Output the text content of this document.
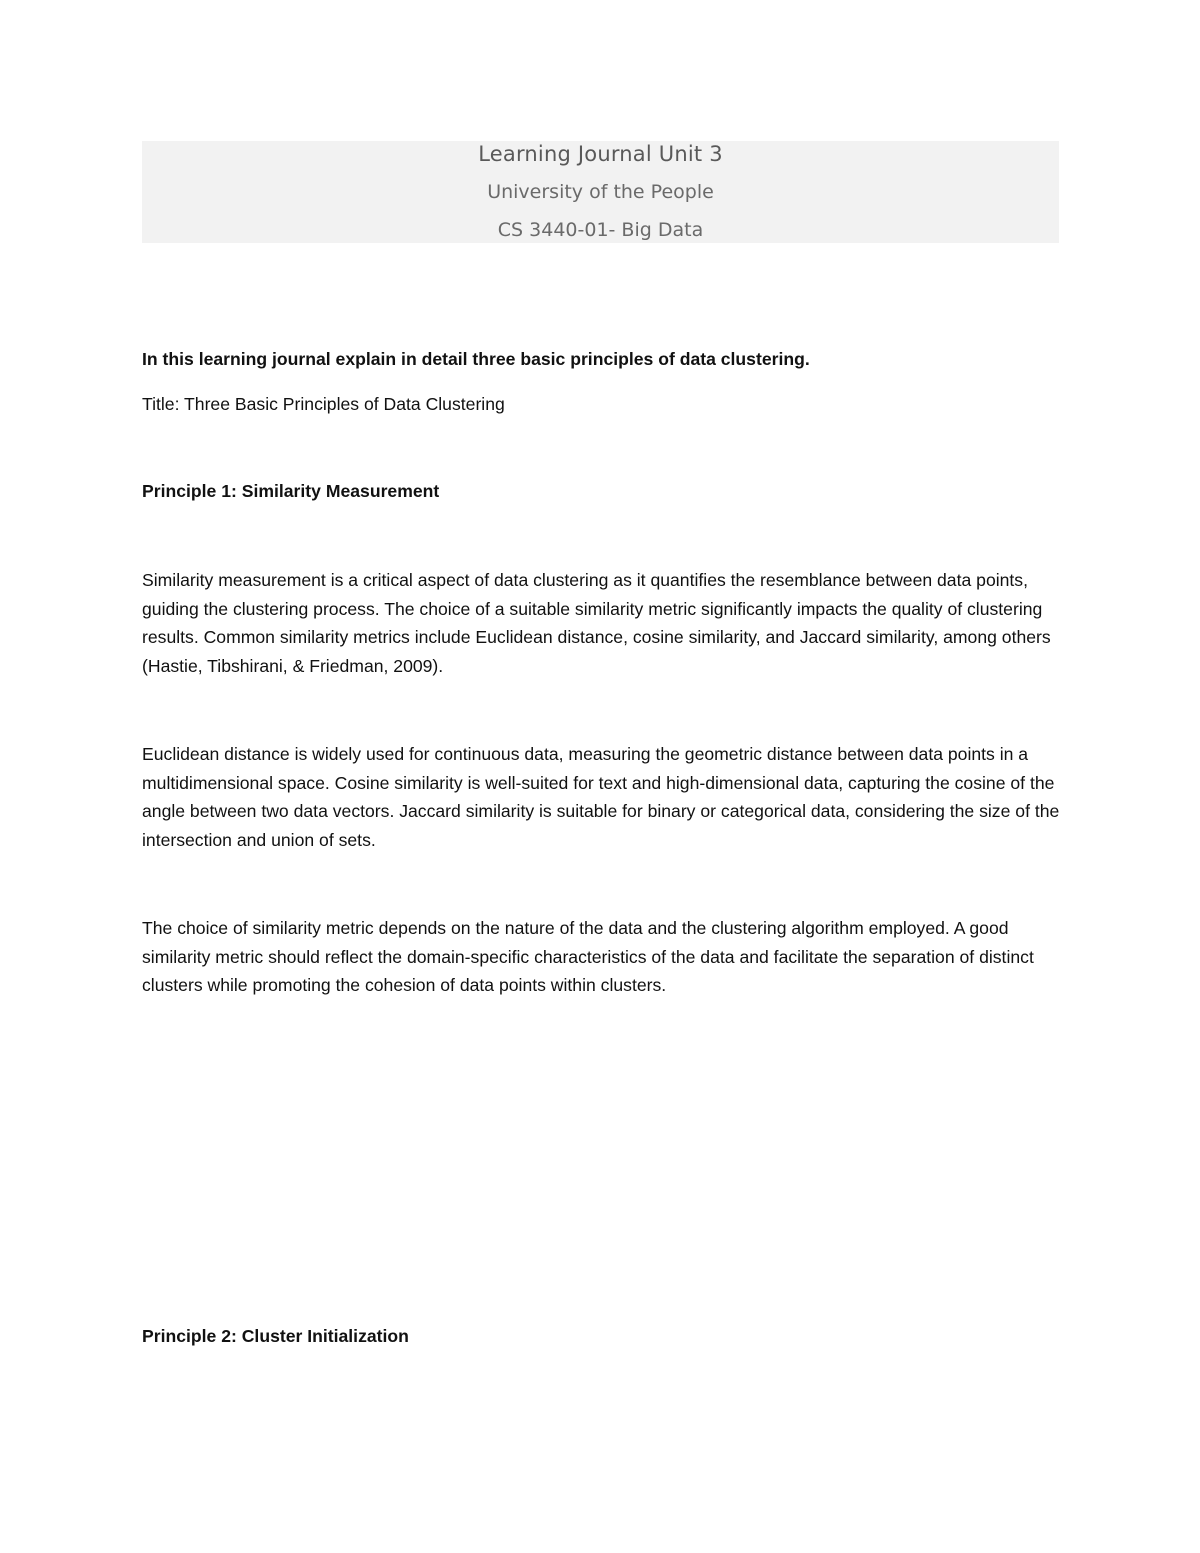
Learning Journal Unit 3
University of the People
CS 3440-01- Big Data

In this learning journal explain in detail three basic principles of data clustering.

Title: Three Basic Principles of Data Clustering

Principle 1: Similarity Measurement

Similarity measurement is a critical aspect of data clustering as it quantifies the resemblance between data points, guiding the clustering process. The choice of a suitable similarity metric significantly impacts the quality of clustering results. Common similarity metrics include Euclidean distance, cosine similarity, and Jaccard similarity, among others (Hastie, Tibshirani, & Friedman, 2009).

Euclidean distance is widely used for continuous data, measuring the geometric distance between data points in a multidimensional space. Cosine similarity is well-suited for text and high-dimensional data, capturing the cosine of the angle between two data vectors. Jaccard similarity is suitable for binary or categorical data, considering the size of the intersection and union of sets.

The choice of similarity metric depends on the nature of the data and the clustering algorithm employed. A good similarity metric should reflect the domain-specific characteristics of the data and facilitate the separation of distinct clusters while promoting the cohesion of data points within clusters.

Principle 2: Cluster Initialization
